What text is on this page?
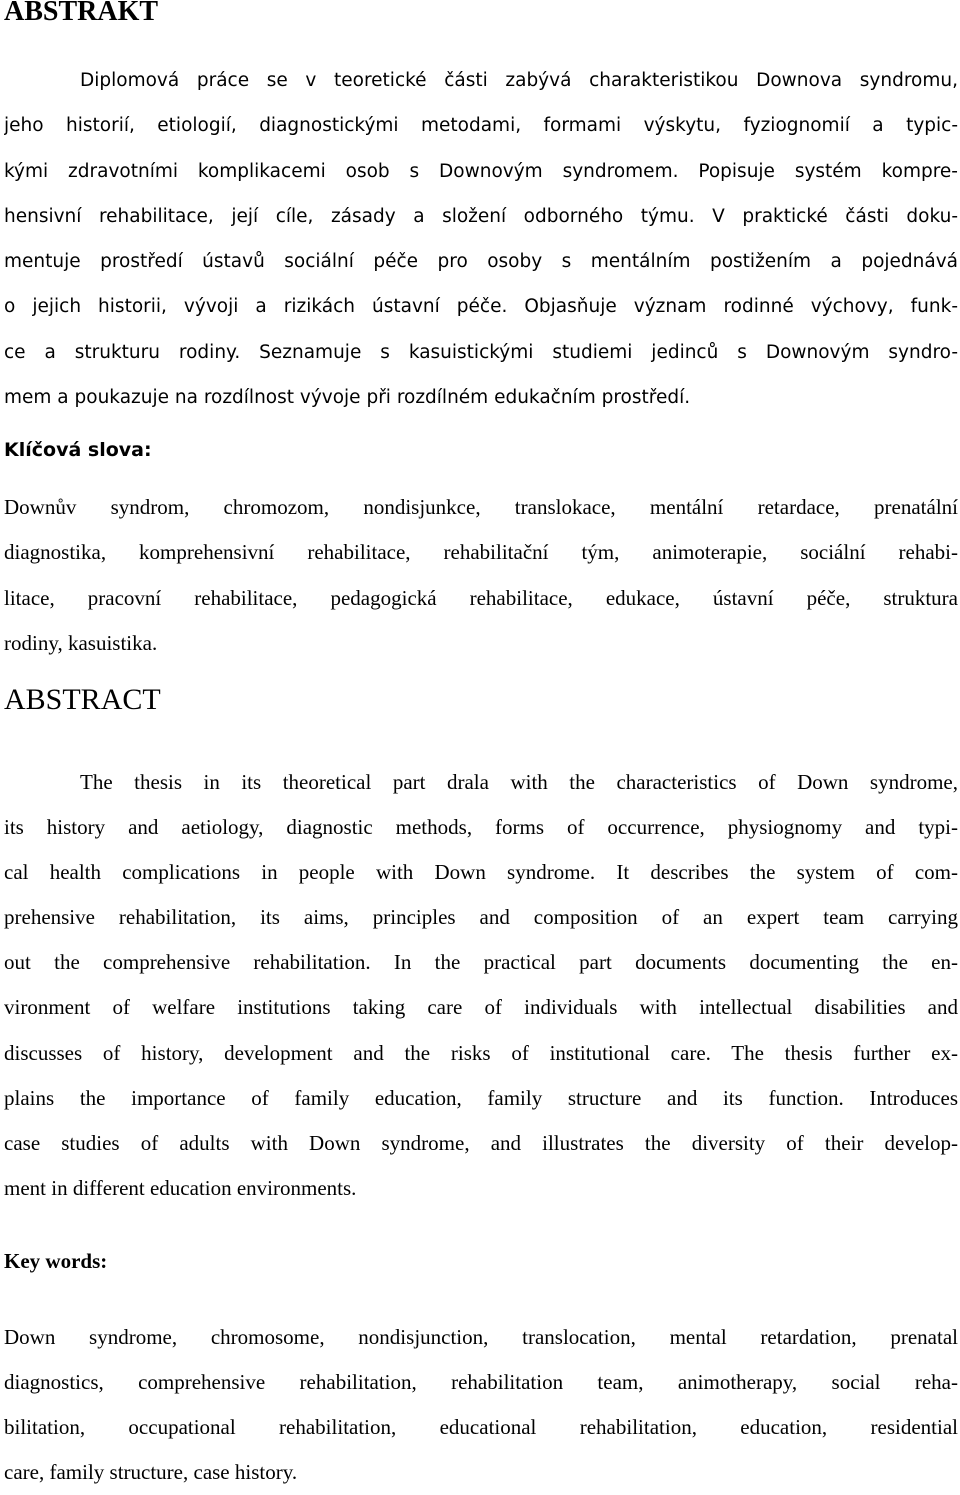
ABSTRAKT
Diplomová práce se v teoretické části zabývá charakteristikou Downova syndromu,
jeho historií, etiologií, diagnostickými metodami, formami výskytu, fyziognomií a typic-
kými zdravotními komplikacemi osob s Downovým syndromem. Popisuje systém kompre-
hensivní rehabilitace, její cíle, zásady a složení odborného týmu. V praktické části doku-
mentuje prostředí ústavů sociální péče pro osoby s mentálním postižením a pojednává
o jejich historii, vývoji a rizikách ústavní péče. Objasňuje význam rodinné výchovy, funk-
ce a strukturu rodiny. Seznamuje s kasuistickými studiemi jedinců s Downovým syndro-
mem a poukazuje na rozdílnost vývoje při rozdílném edukačním prostředí.
Klíčová slova:
Downův syndrom, chromozom, nondisjunkce, translokace, mentální retardace, prenatální
diagnostika, komprehensivní rehabilitace, rehabilitační tým, animoterapie, sociální rehabi-
litace, pracovní rehabilitace, pedagogická rehabilitace, edukace, ústavní péče, struktura
rodiny, kasuistika.
ABSTRACT
The thesis in its theoretical part drala with the characteristics of Down syndrome,
its history and aetiology, diagnostic methods, forms of occurrence, physiognomy and typi-
cal health complications in people with Down syndrome. It describes the system of com-
prehensive rehabilitation, its aims, principles and composition of an expert team carrying
out the comprehensive rehabilitation. In the practical part documents documenting the en-
vironment of welfare institutions taking care of individuals with intellectual disabilities and
discusses of history, development and the risks of institutional care. The thesis further ex-
plains the importance of family education, family structure and its function. Introduces
case studies of adults with Down syndrome, and illustrates the diversity of their develop-
ment in different education environments.
Key words:
Down syndrome, chromosome, nondisjunction, translocation, mental retardation, prenatal
diagnostics, comprehensive rehabilitation, rehabilitation team, animotherapy, social reha-
bilitation, occupational rehabilitation, educational rehabilitation, education, residential
care, family structure, case history.
